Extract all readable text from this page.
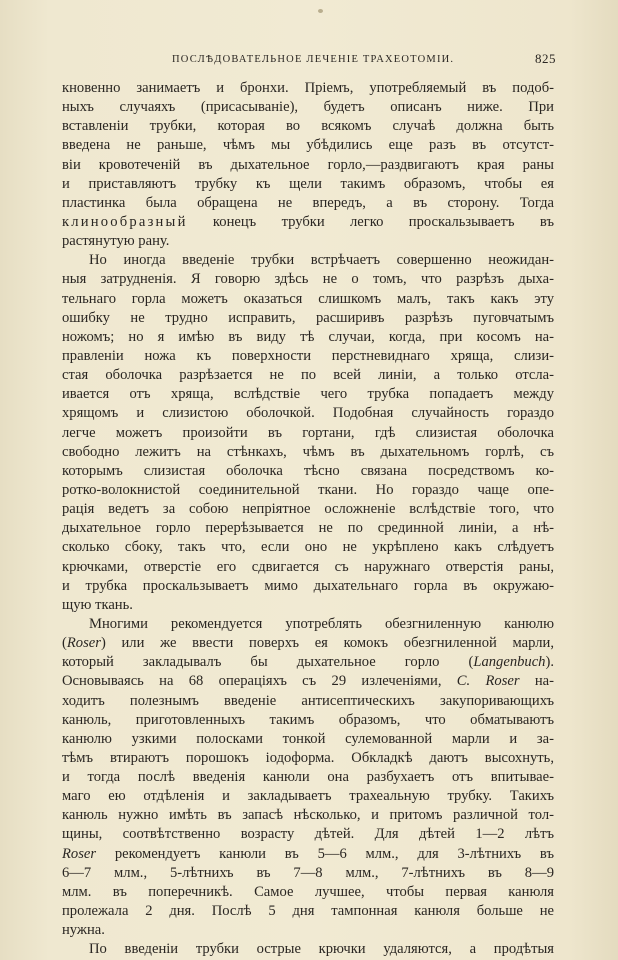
ПОСЛѢДОВАТЕЛЬНОЕ ЛЕЧЕНІЕ ТРАХЕОТОМІИ.	825
кновенно занимаетъ и бронхи. Пріемъ, употребляемый въ подоб-
ныхъ случаяхъ (присасываніе), будетъ описанъ ниже. При
вставленіи трубки, которая во всякомъ случаѣ должна быть
введена не раньше, чѣмъ мы убѣдились еще разъ въ отсутст-
віи кровотеченій въ дыхательное горло,—раздвигаютъ края раны
и приставляютъ трубку къ щели такимъ образомъ, чтобы ея
пластинка была обращена не впередъ, а въ сторону. Тогда
клинообразный конецъ трубки легко проскальзываетъ въ
растянутую рану.
Но иногда введеніе трубки встрѣчаетъ совершенно неожидан-
ныя затрудненія. Я говорю здѣсь не о томъ, что разрѣзъ дыха-
тельнаго горла можетъ оказаться слишкомъ малъ, такъ какъ эту
ошибку не трудно исправить, расширивъ разрѣзъ пуговчатымъ
ножомъ; но я имѣю въ виду тѣ случаи, когда, при косомъ на-
правленіи ножа къ поверхности перстневиднаго хряща, слизи-
стая оболочка разрѣзается не по всей линіи, а только отсла-
ивается отъ хряща, вслѣдствіе чего трубка попадаетъ между
хрящомъ и слизистою оболочкой. Подобная случайность гораздо
легче можетъ произойти въ гортани, гдѣ слизистая оболочка
свободно лежитъ на стѣнкахъ, чѣмъ въ дыхательномъ горлѣ, съ
которымъ слизистая оболочка тѣсно связана посредствомъ ко-
ротко-волокнистой соединительной ткани. Но гораздо чаще опе-
рація ведетъ за собою непріятное осложненіе вслѣдствіе того, что
дыхательное горло перерѣзывается не по срединной линіи, а нѣ-
сколько сбоку, такъ что, если оно не укрѣплено какъ слѣдуетъ
крючками, отверстіе его сдвигается съ наружнаго отверстія раны,
и трубка проскальзываетъ мимо дыхательнаго горла въ окружаю-
щую ткань.
Многими рекомендуется употреблять обезгниленную канюлю
(Roser) или же ввести поверхъ ея комокъ обезгниленной марли,
который закладывалъ бы дыхательное горло (Langenbuch).
Основываясь на 68 операціяхъ съ 29 излеченіями, C. Roser на-
ходитъ полезнымъ введеніе антисептическихъ закупоривающихъ
канюль, приготовленныхъ такимъ образомъ, что обматываютъ
канюлю узкими полосками тонкой сулемованной марли и за-
тѣмъ втираютъ порошокъ іодоформа. Обкладкѣ даютъ высохнуть,
и тогда послѣ введенія канюли она разбухаетъ отъ впитывае-
маго ею отдѣленія и закладываетъ трахеальную трубку. Такихъ
канюль нужно имѣть въ запасѣ нѣсколько, и притомъ различной тол-
щины, соотвѣтственно возрасту дѣтей. Для дѣтей 1—2 лѣтъ
Roser рекомендуетъ канюли въ 5—6 млм., для 3-лѣтнихъ въ
6—7 млм., 5-лѣтнихъ въ 7—8 млм., 7-лѣтнихъ въ 8—9
млм. въ поперечникѣ. Самое лучшее, чтобы первая канюля
пролежала 2 дня. Послѣ 5 дня тампонная канюля больше не
нужна.
По введеніи трубки острые крючки удаляются, а продѣтыя
